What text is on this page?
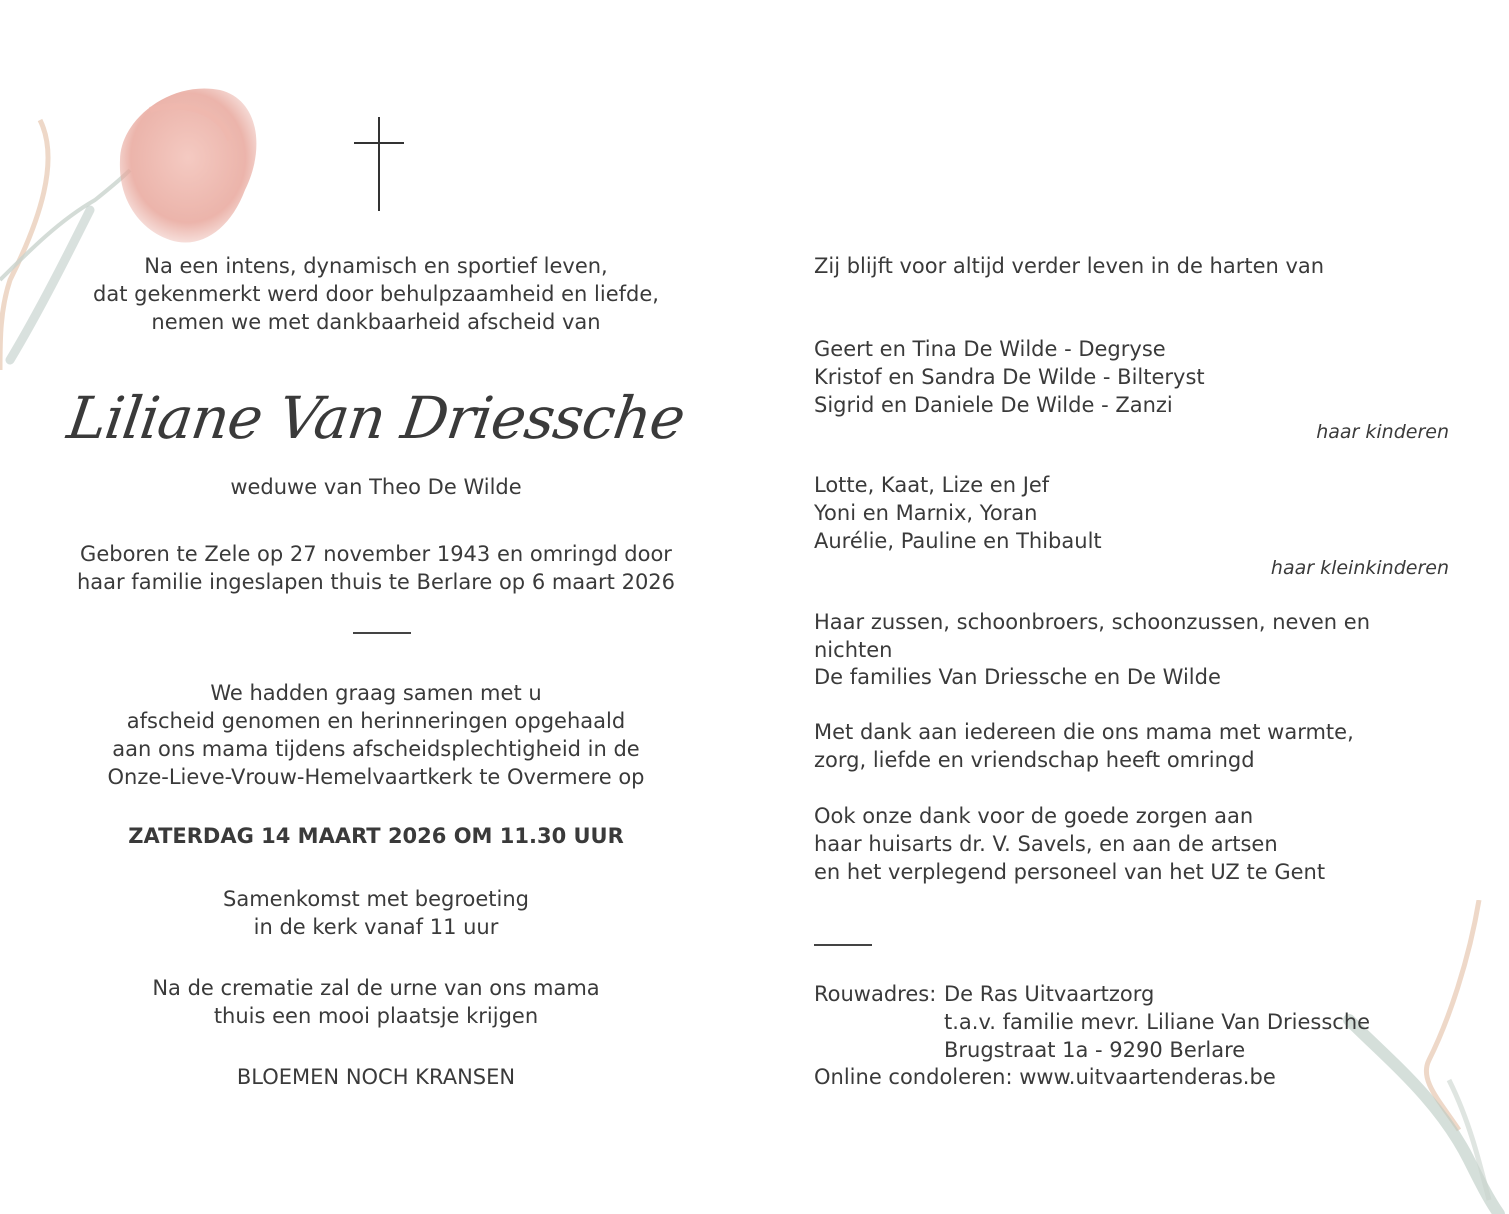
Na een intens, dynamisch en sportief leven,
dat gekenmerkt werd door behulpzaamheid en liefde,
nemen we met dankbaarheid afscheid van
Liliane Van Driessche
weduwe van Theo De Wilde
Geboren te Zele op 27 november 1943 en omringd door
haar familie ingeslapen thuis te Berlare op 6 maart 2026
We hadden graag samen met u
afscheid genomen en herinneringen opgehaald
aan ons mama tijdens afscheidsplechtigheid in de
Onze-Lieve-Vrouw-Hemelvaartkerk te Overmere op
ZATERDAG 14 MAART 2026 OM 11.30 UUR
Samenkomst met begroeting
in de kerk vanaf 11 uur
Na de crematie zal de urne van ons mama
thuis een mooi plaatsje krijgen
BLOEMEN NOCH KRANSEN
Zij blijft voor altijd verder leven in de harten van
Geert en Tina De Wilde - Degryse
Kristof en Sandra De Wilde - Bilteryst
Sigrid en Daniele De Wilde - Zanzi
haar kinderen
Lotte, Kaat, Lize en Jef
Yoni en Marnix, Yoran
Aurélie, Pauline en Thibault
haar kleinkinderen
Haar zussen, schoonbroers, schoonzussen, neven en nichten
De families Van Driessche en De Wilde
Met dank aan iedereen die ons mama met warmte,
zorg, liefde en vriendschap heeft omringd
Ook onze dank voor de goede zorgen aan
haar huisarts dr. V. Savels, en aan de artsen
en het verplegend personeel van het UZ te Gent
Rouwadres: De Ras Uitvaartzorg
t.a.v. familie mevr. Liliane Van Driessche
Brugstraat 1a - 9290 Berlare
Online condoleren: www.uitvaartenderas.be
